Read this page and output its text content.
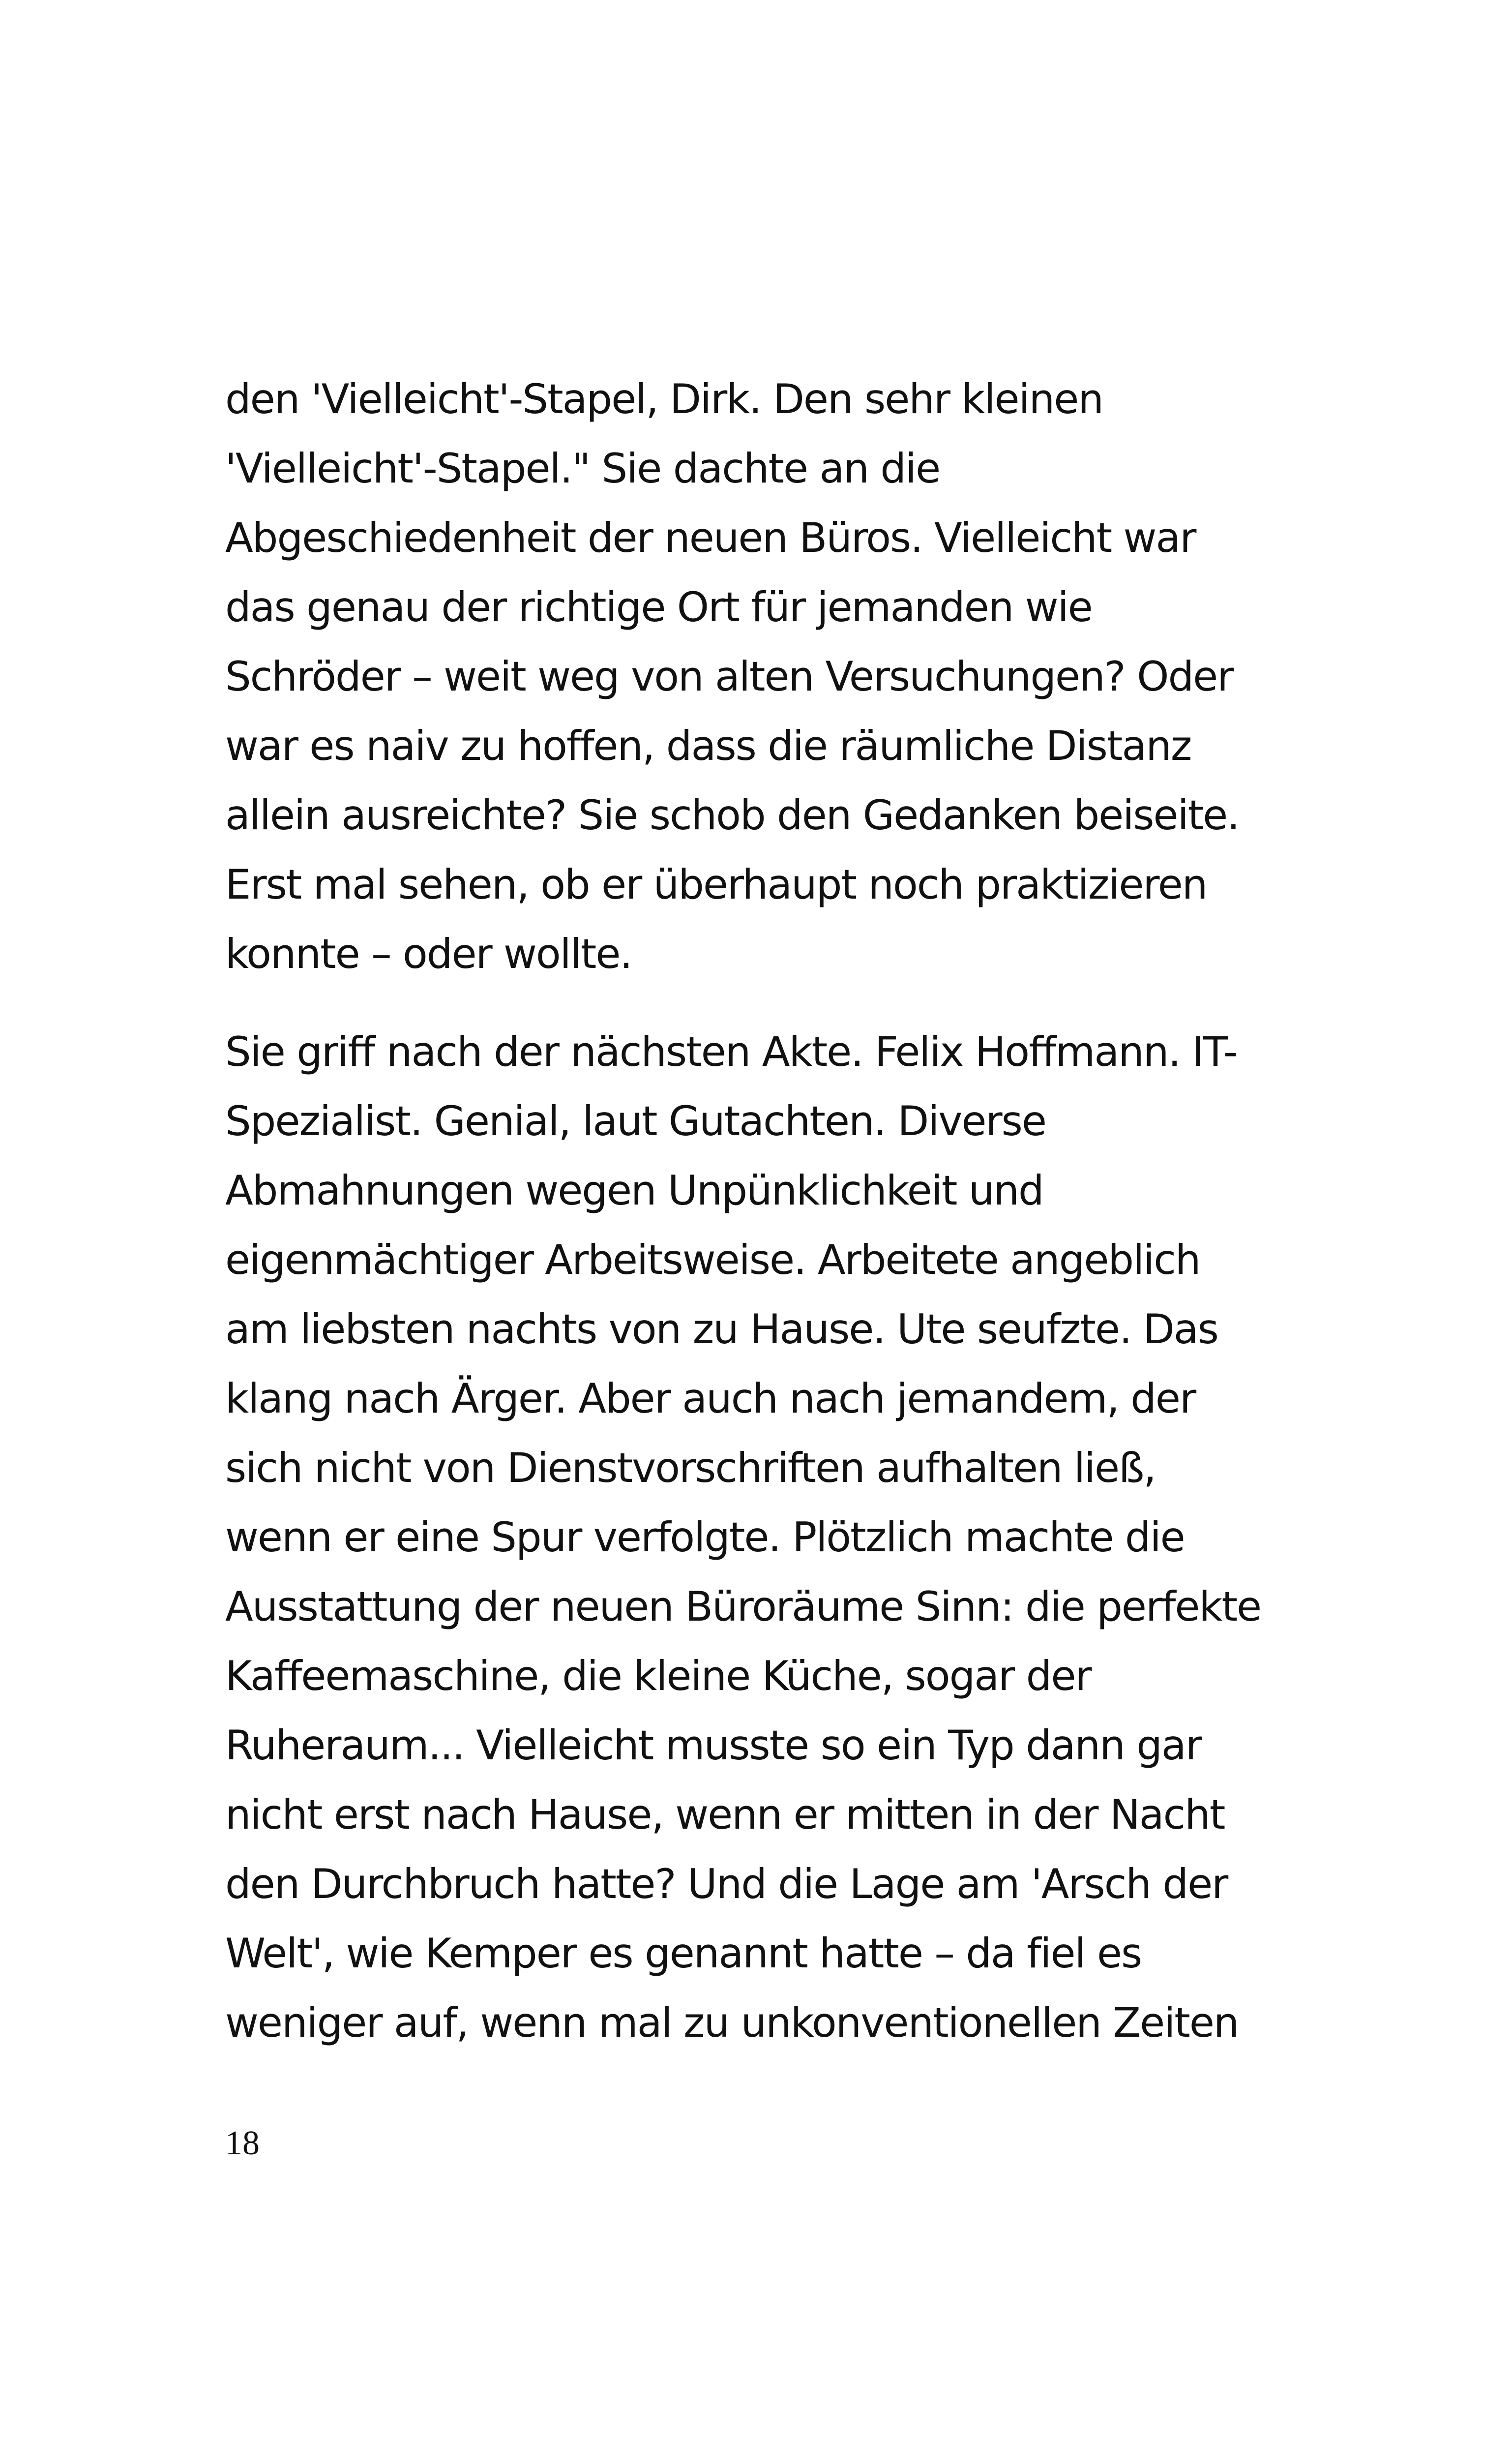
den 'Vielleicht'-Stapel, Dirk. Den sehr kleinen
'Vielleicht'-Stapel." Sie dachte an die
Abgeschiedenheit der neuen Büros. Vielleicht war
das genau der richtige Ort für jemanden wie
Schröder – weit weg von alten Versuchungen? Oder
war es naiv zu hoffen, dass die räumliche Distanz
allein ausreichte? Sie schob den Gedanken beiseite.
Erst mal sehen, ob er überhaupt noch praktizieren
konnte – oder wollte.
Sie griff nach der nächsten Akte. Felix Hoffmann. IT-
Spezialist. Genial, laut Gutachten. Diverse
Abmahnungen wegen Unpünklichkeit und
eigenmächtiger Arbeitsweise. Arbeitete angeblich
am liebsten nachts von zu Hause. Ute seufzte. Das
klang nach Ärger. Aber auch nach jemandem, der
sich nicht von Dienstvorschriften aufhalten ließ,
wenn er eine Spur verfolgte. Plötzlich machte die
Ausstattung der neuen Büroräume Sinn: die perfekte
Kaffeemaschine, die kleine Küche, sogar der
Ruheraum... Vielleicht musste so ein Typ dann gar
nicht erst nach Hause, wenn er mitten in der Nacht
den Durchbruch hatte? Und die Lage am 'Arsch der
Welt', wie Kemper es genannt hatte – da fiel es
weniger auf, wenn mal zu unkonventionellen Zeiten
18
